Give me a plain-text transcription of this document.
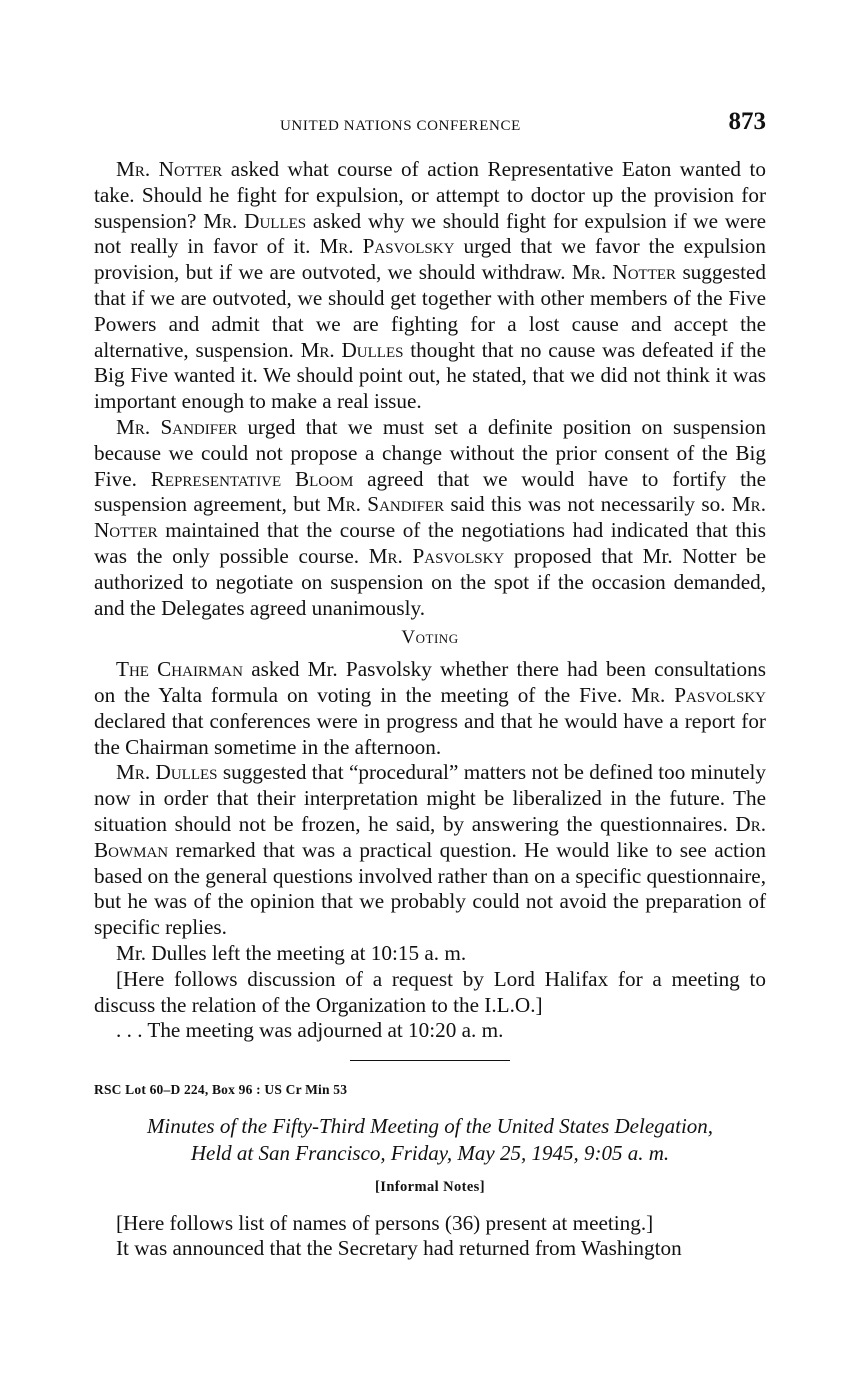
UNITED NATIONS CONFERENCE	873

Mr. Notter asked what course of action Representative Eaton wanted to take. Should he fight for expulsion, or attempt to doctor up the provision for suspension? Mr. Dulles asked why we should fight for expulsion if we were not really in favor of it. Mr. Pasvolsky urged that we favor the expulsion provision, but if we are outvoted, we should withdraw. Mr. Notter suggested that if we are outvoted, we should get together with other members of the Five Powers and admit that we are fighting for a lost cause and accept the alternative, suspension. Mr. Dulles thought that no cause was defeated if the Big Five wanted it. We should point out, he stated, that we did not think it was important enough to make a real issue.

Mr. Sandifer urged that we must set a definite position on suspension because we could not propose a change without the prior consent of the Big Five. Representative Bloom agreed that we would have to fortify the suspension agreement, but Mr. Sandifer said this was not necessarily so. Mr. Notter maintained that the course of the negotiations had indicated that this was the only possible course. Mr. Pasvolsky proposed that Mr. Notter be authorized to negotiate on suspension on the spot if the occasion demanded, and the Delegates agreed unanimously.

Voting

The Chairman asked Mr. Pasvolsky whether there had been consultations on the Yalta formula on voting in the meeting of the Five. Mr. Pasvolsky declared that conferences were in progress and that he would have a report for the Chairman sometime in the afternoon.

Mr. Dulles suggested that “procedural” matters not be defined too minutely now in order that their interpretation might be liberalized in the future. The situation should not be frozen, he said, by answering the questionnaires. Dr. Bowman remarked that was a practical question. He would like to see action based on the general questions involved rather than on a specific questionnaire, but he was of the opinion that we probably could not avoid the preparation of specific replies.

Mr. Dulles left the meeting at 10:15 a. m.

[Here follows discussion of a request by Lord Halifax for a meeting to discuss the relation of the Organization to the I.L.O.]

. . . The meeting was adjourned at 10:20 a. m.

RSC Lot 60–D 224, Box 96 : US Cr Min 53

Minutes of the Fifty-Third Meeting of the United States Delegation,
Held at San Francisco, Friday, May 25, 1945, 9:05 a. m.
[Informal Notes]

[Here follows list of names of persons (36) present at meeting.]

It was announced that the Secretary had returned from Washington
